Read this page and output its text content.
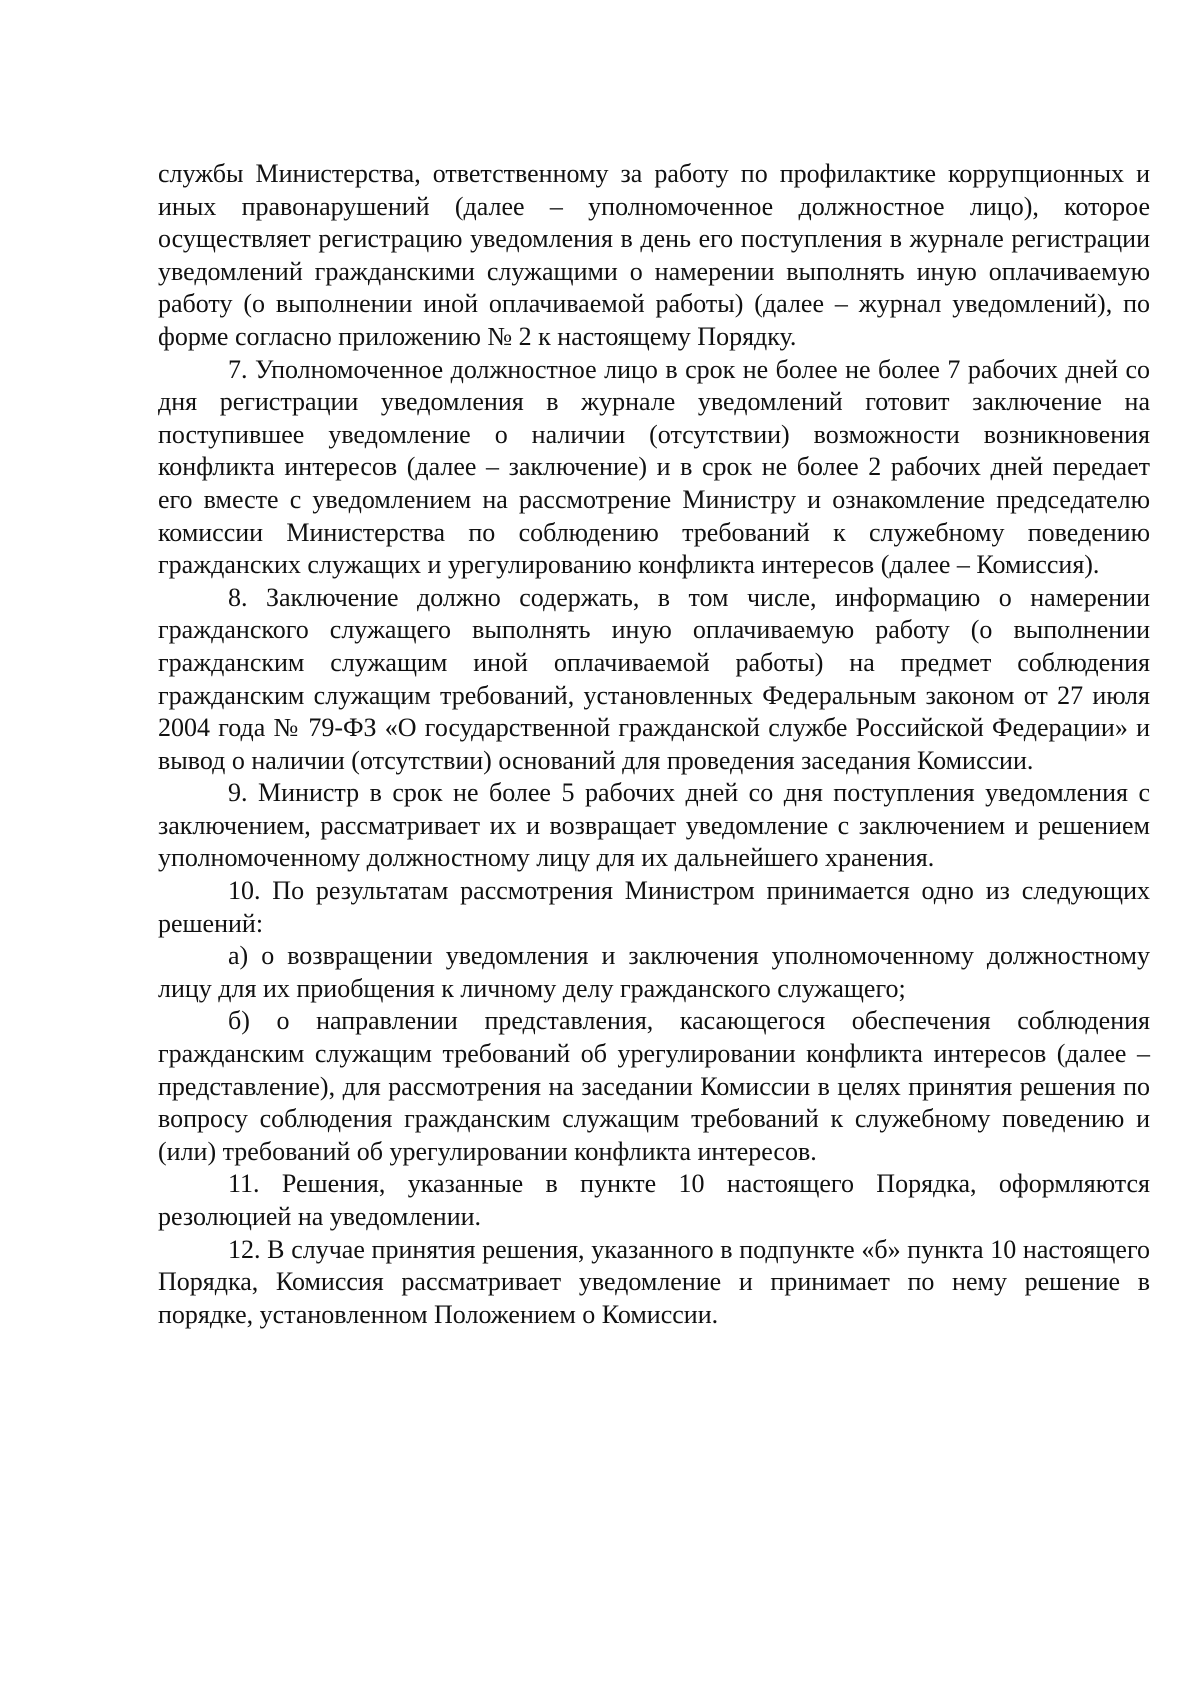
службы Министерства, ответственному за работу по профилактике коррупционных и иных правонарушений (далее – уполномоченное должностное лицо), которое осуществляет регистрацию уведомления в день его поступления в журнале регистрации уведомлений гражданскими служащими о намерении выполнять иную оплачиваемую работу (о выполнении иной оплачиваемой работы) (далее – журнал уведомлений), по форме согласно приложению № 2 к настоящему Порядку.

7. Уполномоченное должностное лицо в срок не более не более 7 рабочих дней со дня регистрации уведомления в журнале уведомлений готовит заключение на поступившее уведомление о наличии (отсутствии) возможности возникновения конфликта интересов (далее – заключение) и в срок не более 2 рабочих дней передает его вместе с уведомлением на рассмотрение Министру и ознакомление председателю комиссии Министерства по соблюдению требований к служебному поведению гражданских служащих и урегулированию конфликта интересов (далее – Комиссия).

8. Заключение должно содержать, в том числе, информацию о намерении гражданского служащего выполнять иную оплачиваемую работу (о выполнении гражданским служащим иной оплачиваемой работы) на предмет соблюдения гражданским служащим требований, установленных Федеральным законом от 27 июля 2004 года № 79-ФЗ «О государственной гражданской службе Российской Федерации» и вывод о наличии (отсутствии) оснований для проведения заседания Комиссии.

9. Министр в срок не более 5 рабочих дней со дня поступления уведомления с заключением, рассматривает их и возвращает уведомление с заключением и решением уполномоченному должностному лицу для их дальнейшего хранения.

10. По результатам рассмотрения Министром принимается одно из следующих решений:

а) о возвращении уведомления и заключения уполномоченному должностному лицу для их приобщения к личному делу гражданского служащего;

б) о направлении представления, касающегося обеспечения соблюдения гражданским служащим требований об урегулировании конфликта интересов (далее – представление), для рассмотрения на заседании Комиссии в целях принятия решения по вопросу соблюдения гражданским служащим требований к служебному поведению и (или) требований об урегулировании конфликта интересов.

11. Решения, указанные в пункте 10 настоящего Порядка, оформляются резолюцией на уведомлении.

12. В случае принятия решения, указанного в подпункте «б» пункта 10 настоящего Порядка, Комиссия рассматривает уведомление и принимает по нему решение в порядке, установленном Положением о Комиссии.
